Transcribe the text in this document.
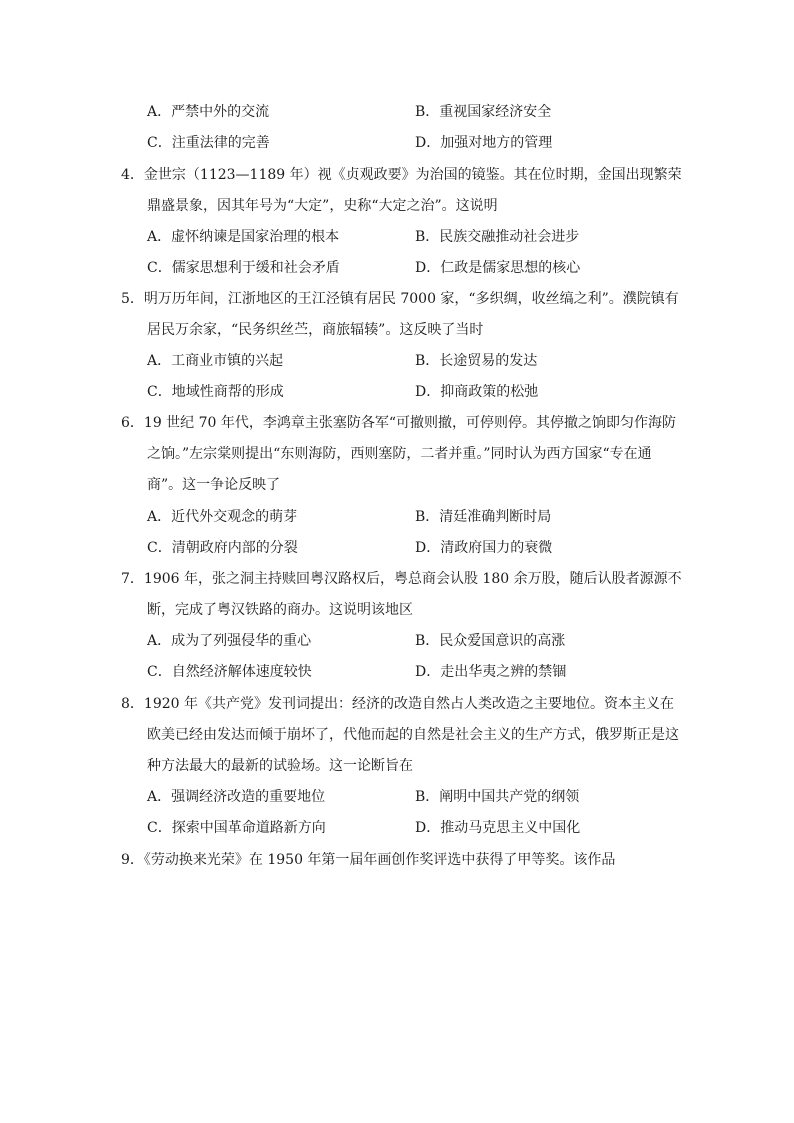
A．严禁中外的交流	B．重视国家经济安全
C．注重法律的完善	D．加强对地方的管理
4．金世宗（1123—1189 年）视《贞观政要》为治国的镜鉴。其在位时期，金国出现繁荣
鼎盛景象，因其年号为“大定”，史称“大定之治”。这说明
A．虚怀纳谏是国家治理的根本	B．民族交融推动社会进步
C．儒家思想利于缓和社会矛盾	D．仁政是儒家思想的核心
5．明万历年间，江浙地区的王江泾镇有居民 7000 家，“多织绸，收丝缟之利”。濮院镇有
居民万余家，“民务织丝苎，商旅辐辏”。这反映了当时
A．工商业市镇的兴起	B．长途贸易的发达
C．地域性商帮的形成	D．抑商政策的松弛
6．19 世纪 70 年代，李鸿章主张塞防各军“可撤则撤，可停则停。其停撤之饷即匀作海防
之饷。”左宗棠则提出“东则海防，西则塞防，二者并重。”同时认为西方国家“专在通
商”。这一争论反映了
A．近代外交观念的萌芽	B．清廷准确判断时局
C．清朝政府内部的分裂	D．清政府国力的衰微
7．1906 年，张之洞主持赎回粤汉路权后，粤总商会认股 180 余万股，随后认股者源源不
断，完成了粤汉铁路的商办。这说明该地区
A．成为了列强侵华的重心	B．民众爱国意识的高涨
C．自然经济解体速度较快	D．走出华夷之辨的禁锢
8．1920 年《共产党》发刊词提出：经济的改造自然占人类改造之主要地位。资本主义在
欧美已经由发达而倾于崩坏了，代他而起的自然是社会主义的生产方式，俄罗斯正是这
种方法最大的最新的试验场。这一论断旨在
A．强调经济改造的重要地位	B．阐明中国共产党的纲领
C．探索中国革命道路新方向	D．推动马克思主义中国化
9．《劳动换来光荣》在 1950 年第一届年画创作奖评选中获得了甲等奖。该作品
